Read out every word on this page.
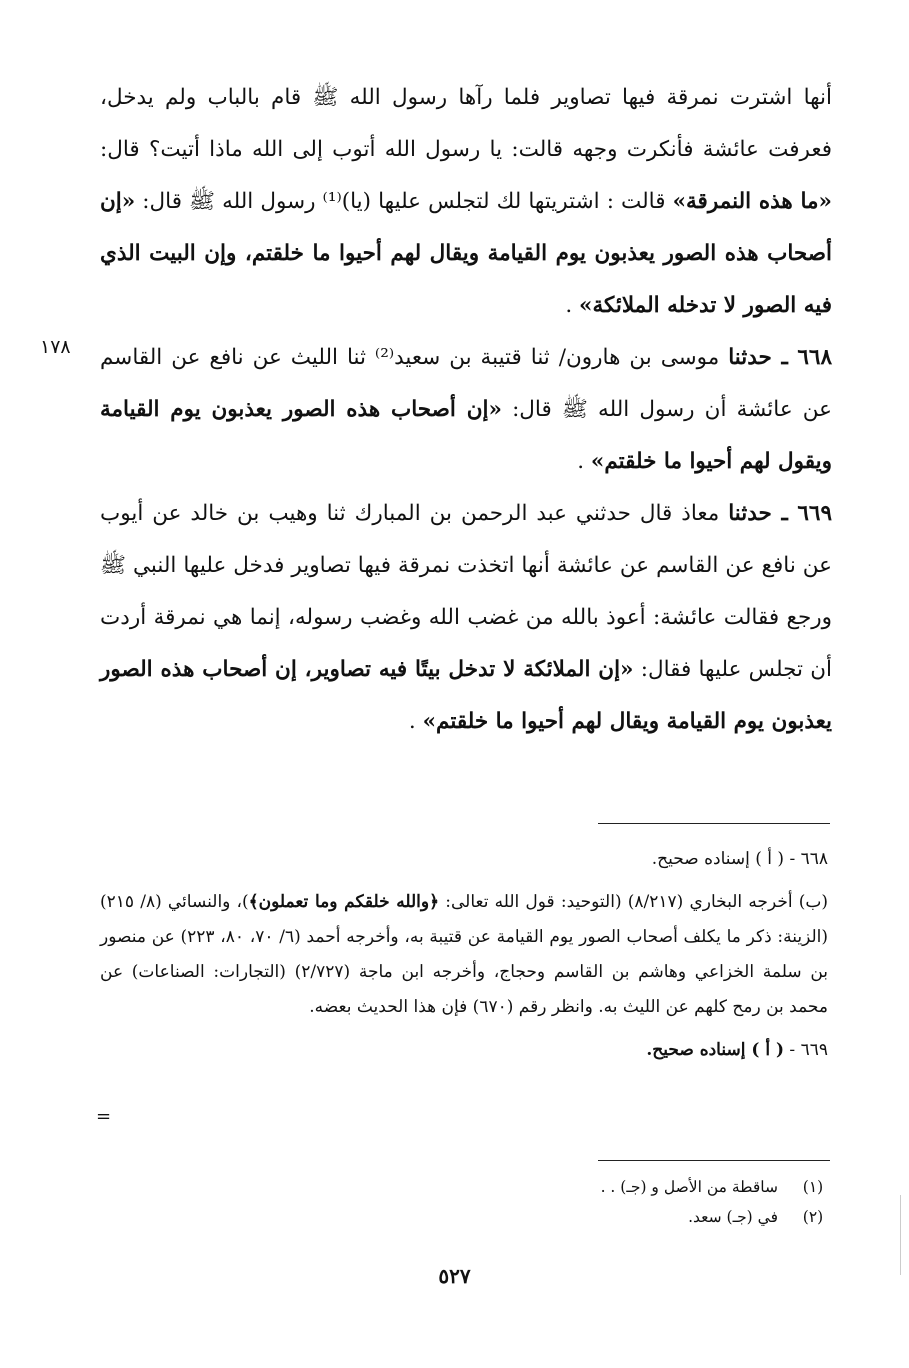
١٧٨

أنها اشترت نمرقة فيها تصاوير فلما رآها رسول الله ﷺ قام بالباب ولم يدخل، فعرفت عائشة فأنكرت وجهه قالت: يا رسول الله أتوب إلى الله ماذا أتيت؟ قال: «ما هذه النمرقة» قالت : اشتريتها لك لتجلس عليها (يا)⁽¹⁾ رسول الله ﷺ قال: «إن أصحاب هذه الصور يعذبون يوم القيامة ويقال لهم أحيوا ما خلقتم، وإن البيت الذي فيه الصور لا تدخله الملائكة» .

٦٦٨ ـ حدثنا موسى بن هارون/ ثنا قتيبة بن سعيد⁽²⁾ ثنا الليث عن نافع عن القاسم عن عائشة أن رسول الله ﷺ قال: «إن أصحاب هذه الصور يعذبون يوم القيامة ويقول لهم أحيوا ما خلقتم» .

٦٦٩ ـ حدثنا معاذ قال حدثني عبد الرحمن بن المبارك ثنا وهيب بن خالد عن أيوب عن نافع عن القاسم عن عائشة أنها اتخذت نمرقة فيها تصاوير فدخل عليها النبي ﷺ ورجع فقالت عائشة: أعوذ بالله من غضب الله وغضب رسوله، إنما هي نمرقة أردت أن تجلس عليها فقال: «إن الملائكة لا تدخل بيتًا فيه تصاوير، إن أصحاب هذه الصور يعذبون يوم القيامة ويقال لهم أحيوا ما خلقتم» .

٦٦٨ - ( أ ) إسناده صحيح.

(ب) أخرجه البخاري (٨/٢١٧) (التوحيد: قول الله تعالى: ﴿والله خلقكم وما تعملون﴾)، والنسائي (٨/ ٢١٥) (الزينة: ذكر ما يكلف أصحاب الصور يوم القيامة عن قتيبة به، وأخرجه أحمد (٦/ ٧٠، ٨٠، ٢٢٣) عن منصور بن سلمة الخزاعي وهاشم بن القاسم وحجاج، وأخرجه ابن ماجة (٢/٧٢٧) (التجارات: الصناعات) عن محمد بن رمح كلهم عن الليث به. وانظر رقم (٦٧٠) فإن هذا الحديث بعضه.

٦٦٩ - ( أ ) إسناده صحيح.

=
(١)
ساقطة من الأصل و (جـ) . .
(٢)
في (جـ) سعد.
٥٢٧
